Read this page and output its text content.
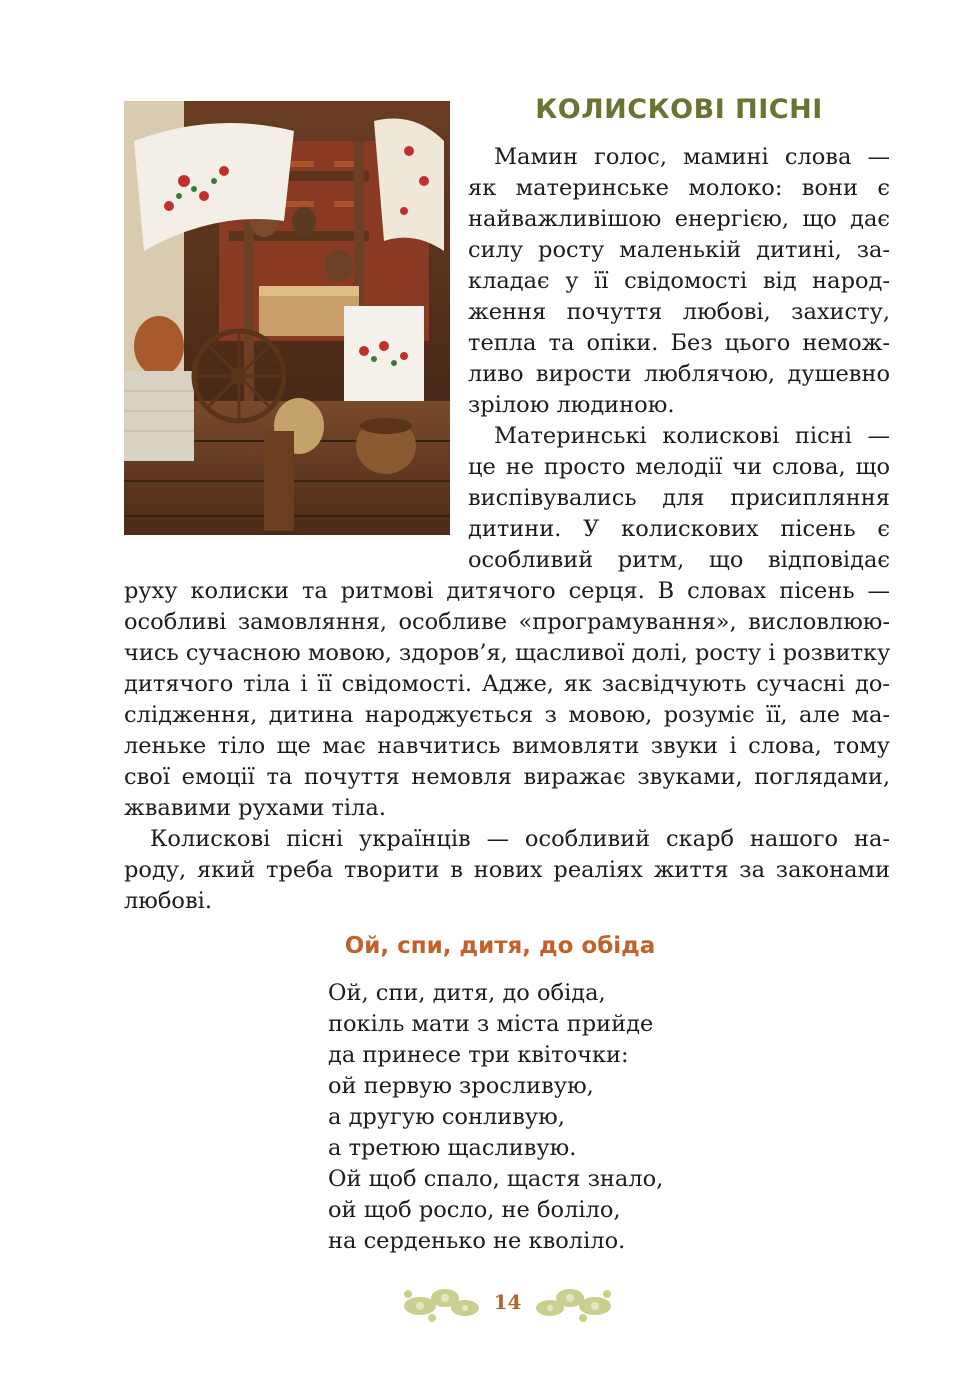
КОЛИСКОВІ ПІСНІ
Мамин голос, мамині слова —
як материнське молоко: вони є
найважливішою енергією, що дає
силу росту маленькій дитині, за-
кладає у її свідомості від народ-
ження почуття любові, захисту,
тепла та опіки. Без цього немож-
ливо вирости люблячою, душевно
зрілою людиною.
Материнські колискові пісні —
це не просто мелодії чи слова, що
виспівувались для присипляння
дитини. У колискових пісень є
особливий ритм, що відповідає
руху колиски та ритмові дитячого серця. В словах пісень —
особливі замовляння, особливе «програмування», висловлюю-
чись сучасною мовою, здоров’я, щасливої долі, росту і розвитку
дитячого тіла і її свідомості. Адже, як засвідчують сучасні до-
слідження, дитина народжується з мовою, розуміє її, але ма-
леньке тіло ще має навчитись вимовляти звуки і слова, тому
свої емоції та почуття немовля виражає звуками, поглядами,
жвавими рухами тіла.
Колискові пісні українців — особливий скарб нашого на-
роду, який треба творити в нових реаліях життя за законами
любові.
Ой, спи, дитя, до обіда
Ой, спи, дитя, до обіда,
покіль мати з міста прийде
да принесе три квіточки:
ой первую зросливую,
а другую сонливую,
а третюю щасливую.
Ой щоб спало, щастя знало,
ой щоб росло, не боліло,
на серденько не кволіло.
14
